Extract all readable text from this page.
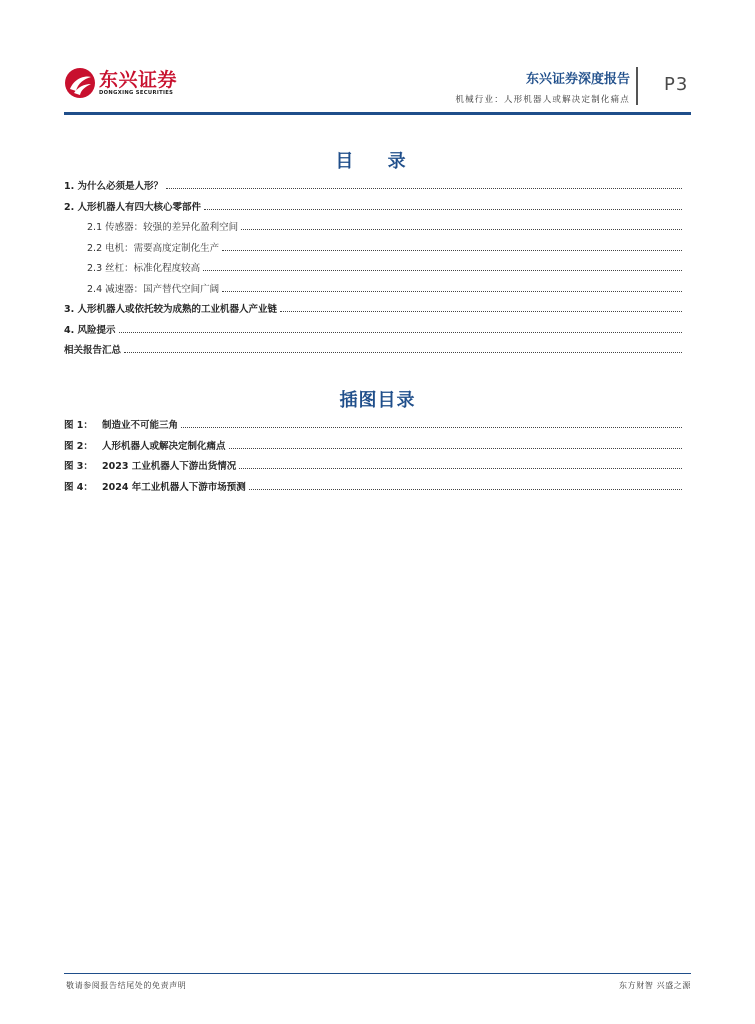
东兴证券
DONGXING SECURITIES
东兴证券深度报告
机械行业：人形机器人或解决定制化痛点
P3
目 录
1. 为什么必须是人形？
2. 人形机器人有四大核心零部件
2.1 传感器：较强的差异化盈利空间
2.2 电机：需要高度定制化生产
2.3 丝杠：标准化程度较高
2.4 减速器：国产替代空间广阔
3. 人形机器人或依托较为成熟的工业机器人产业链
4. 风险提示
相关报告汇总
插图目录
图 1： 制造业不可能三角
图 2： 人形机器人或解决定制化痛点
图 3： 2023 工业机器人下游出货情况
图 4： 2024 年工业机器人下游市场预测
敬请参阅报告结尾处的免责声明	东方财智 兴盛之源
